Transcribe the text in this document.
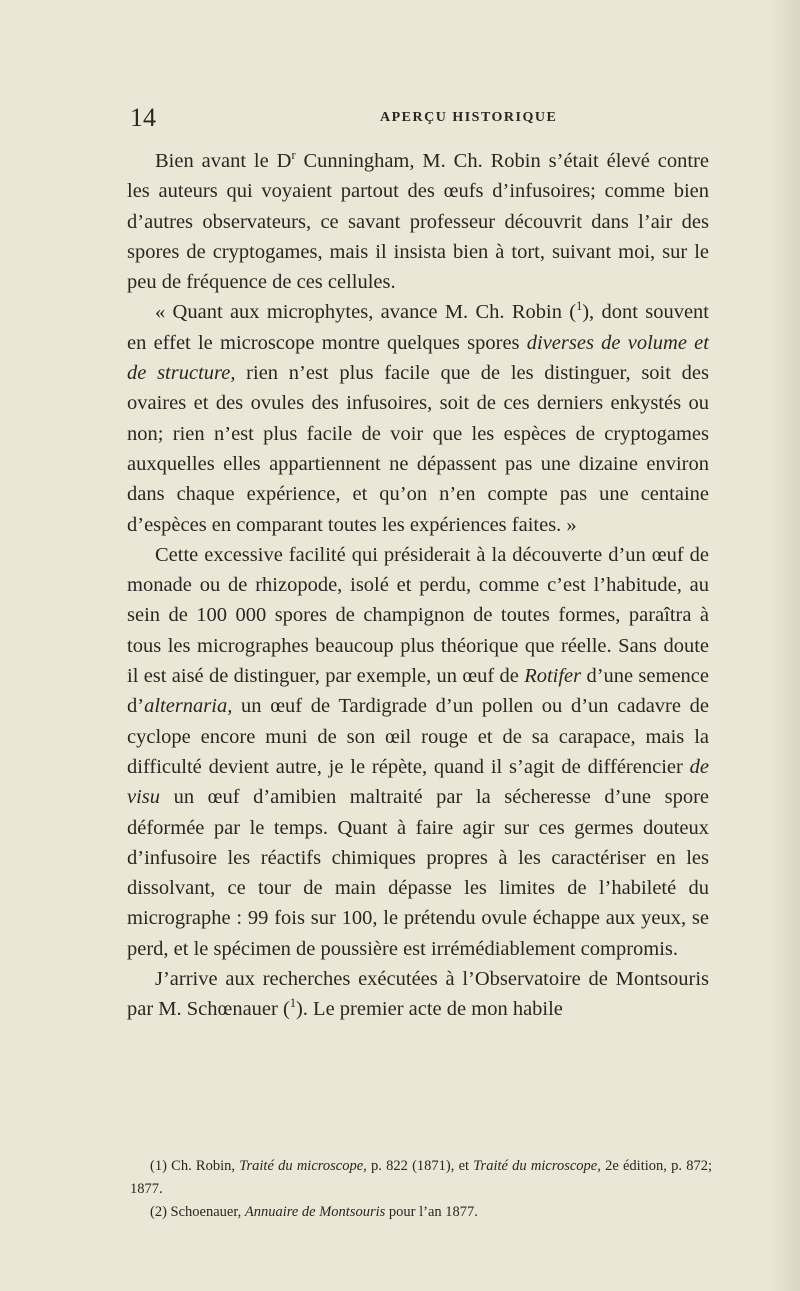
14	APERÇU HISTORIQUE

Bien avant le $D^r$ Cunningham, M. Ch. Robin s’était élevé contre les auteurs qui voyaient partout des œufs d’infusoires; comme bien d’autres observateurs, ce savant professeur découvrit dans l’air des spores de cryptogames, mais il insista bien à tort, suivant moi, sur le peu de fréquence de ces cellules.

« Quant aux microphytes, avance M. Ch. Robin ($^1$), dont souvent en effet le microscope montre quelques spores diverses de volume et de structure, rien n’est plus facile que de les distinguer, soit des ovaires et des ovules des infusoires, soit de ces derniers enkystés ou non; rien n’est plus facile de voir que les espèces de cryptogames auxquelles elles appartiennent ne dépassent pas une dizaine environ dans chaque expérience, et qu’on n’en compte pas une centaine d’espèces en comparant toutes les expériences faites. »

Cette excessive facilité qui présiderait à la découverte d’un œuf de monade ou de rhizopode, isolé et perdu, comme c’est l’habitude, au sein de 100 000 spores de champignon de toutes formes, paraîtra à tous les micrographes beaucoup plus théorique que réelle. Sans doute il est aisé de distinguer, par exemple, un œuf de Rotifer d’une semence d’alternaria, un œuf de Tardigrade d’un pollen ou d’un cadavre de cyclope encore muni de son œil rouge et de sa carapace, mais la difficulté devient autre, je le répète, quand il s’agit de différencier de visu un œuf d’amibien maltraité par la sécheresse d’une spore déformée par le temps. Quant à faire agir sur ces germes douteux d’infusoire les réactifs chimiques propres à les caractériser en les dissolvant, ce tour de main dépasse les limites de l’habileté du micrographe : 99 fois sur 100, le prétendu ovule échappe aux yeux, se perd, et le spécimen de poussière est irrémédiablement compromis.

J’arrive aux recherches exécutées à l’Observatoire de Montsouris par M. Schœnauer ($^1$). Le premier acte de mon habile

(1) Ch. Robin, Traité du microscope, p. 822 (1871), et Traité du microscope, 2e édition, p. 872; 1877.

(2) Schoenauer, Annuaire de Montsouris pour l’an 1877.
